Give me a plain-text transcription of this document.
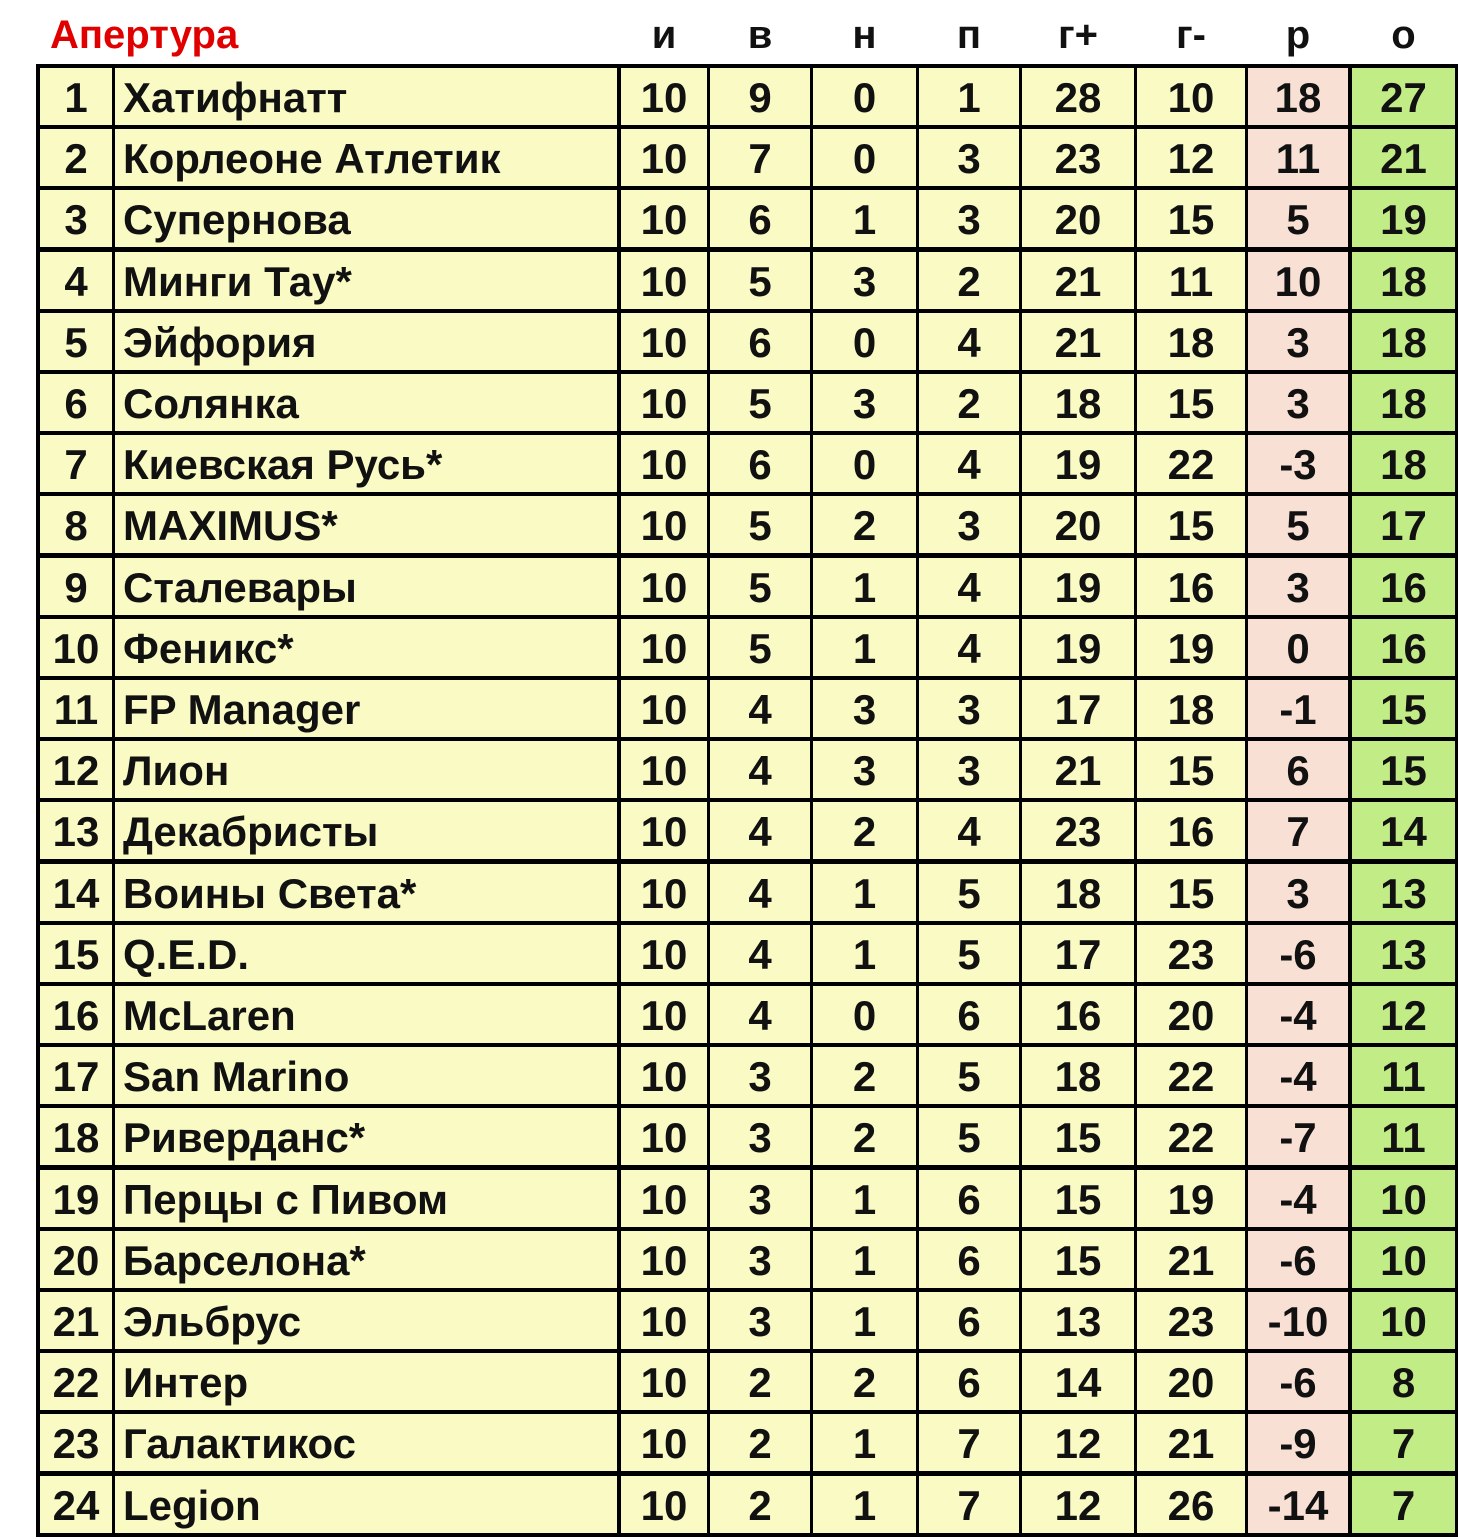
Апертура	и	в	н	п	г+	г-	р	о
1 Хатифнатт	10	9	0	1	28	10	18	27
2 Корлеоне Атлетик	10	7	0	3	23	12	11	21
3 Супернова	10	6	1	3	20	15	5	19
4 Минги Тау*	10	5	3	2	21	11	10	18
5 Эйфория	10	6	0	4	21	18	3	18
6 Солянка	10	5	3	2	18	15	3	18
7 Киевская Русь*	10	6	0	4	19	22	-3	18
8 MAXIMUS*	10	5	2	3	20	15	5	17
9 Сталевары	10	5	1	4	19	16	3	16
10 Феникс*	10	5	1	4	19	19	0	16
11 FP Manager	10	4	3	3	17	18	-1	15
12 Лион	10	4	3	3	21	15	6	15
13 Декабристы	10	4	2	4	23	16	7	14
14 Воины Света*	10	4	1	5	18	15	3	13
15 Q.E.D.	10	4	1	5	17	23	-6	13
16 McLaren	10	4	0	6	16	20	-4	12
17 San Marino	10	3	2	5	18	22	-4	11
18 Риверданс*	10	3	2	5	15	22	-7	11
19 Перцы с Пивом	10	3	1	6	15	19	-4	10
20 Барселона*	10	3	1	6	15	21	-6	10
21 Эльбрус	10	3	1	6	13	23	-10	10
22 Интер	10	2	2	6	14	20	-6	8
23 Галактикос	10	2	1	7	12	21	-9	7
24 Legion	10	2	1	7	12	26	-14	7
